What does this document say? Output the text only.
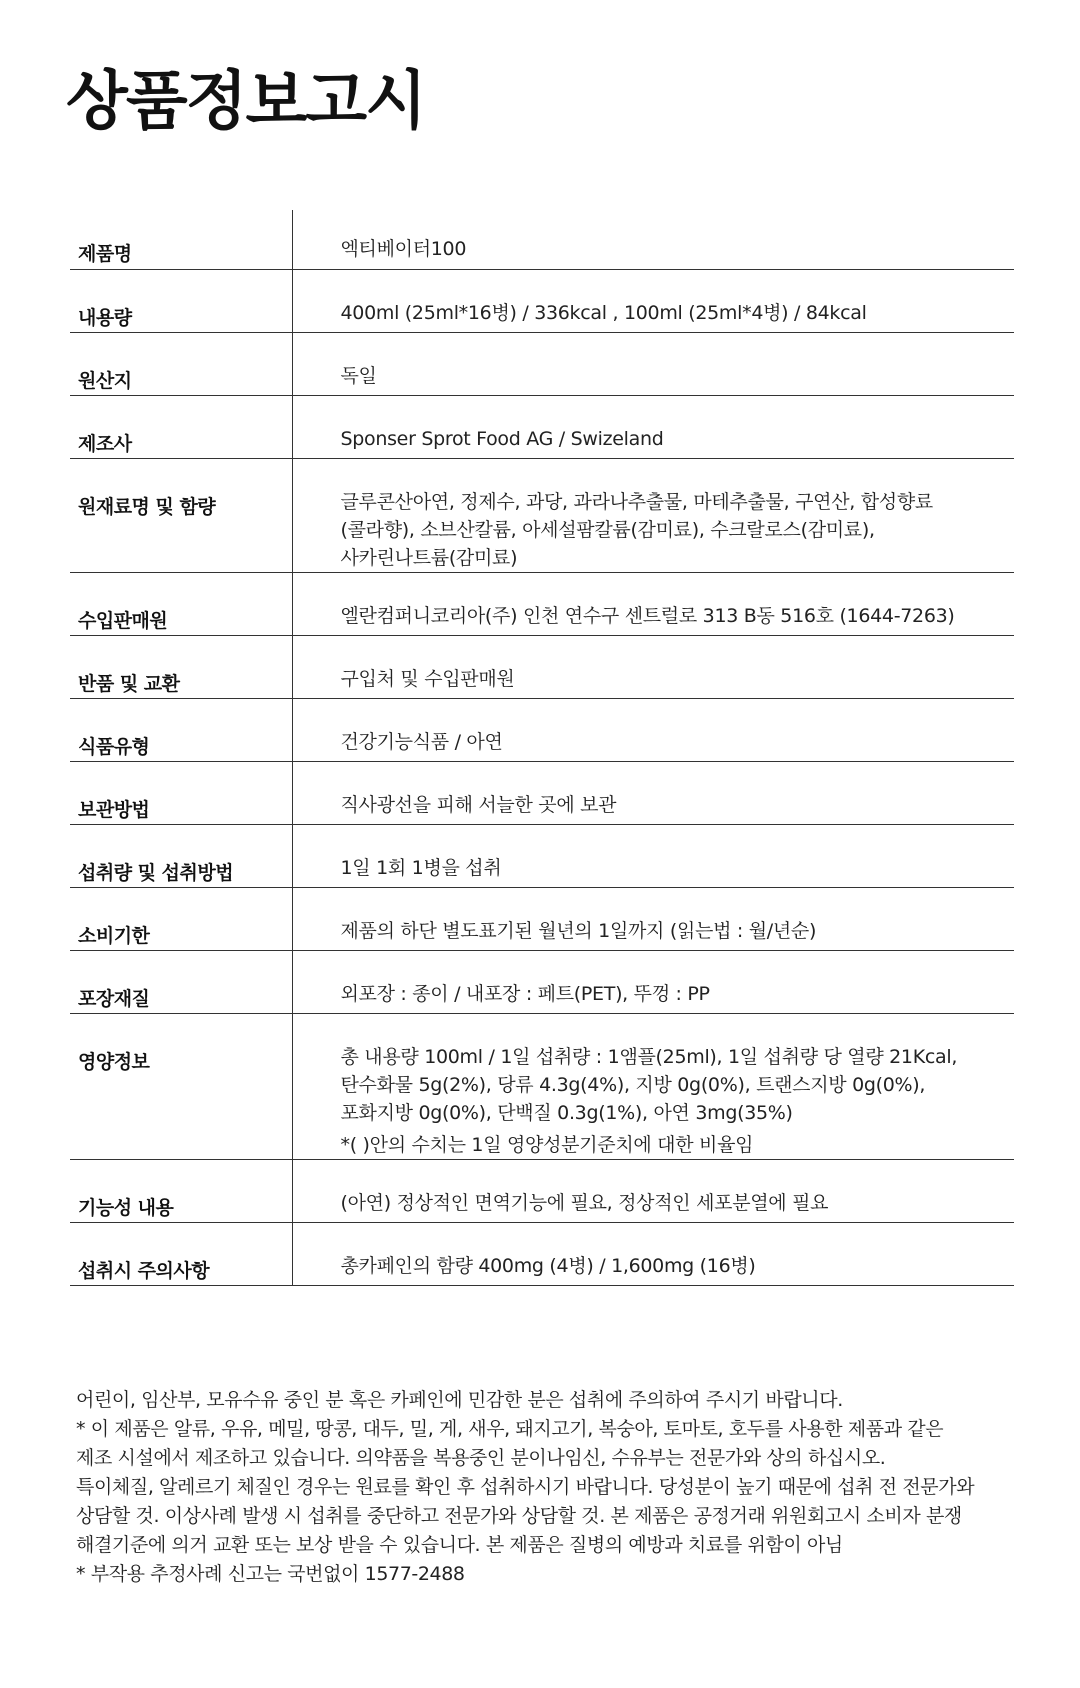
상품정보고시
제품명	엑티베이터100

내용량	400ml (25ml*16병) / 336kcal , 100ml (25ml*4병) / 84kcal

원산지	독일

제조사	Sponser Sprot Food AG / Swizeland

원재료명 및 함량	글루콘산아연, 정제수, 과당, 과라나추출물, 마테추출물, 구연산, 합성향료
(콜라향), 소브산칼륨, 아세설팜칼륨(감미료), 수크랄로스(감미료),
사카린나트륨(감미료)

수입판매원	엘란컴퍼니코리아(주) 인천 연수구 센트럴로 313 B동 516호 (1644-7263)

반품 및 교환	구입처 및 수입판매원

식품유형	건강기능식품 / 아연

보관방법	직사광선을 피해 서늘한 곳에 보관

섭취량 및 섭취방법	1일 1회 1병을 섭취

소비기한	제품의 하단 별도표기된 월년의 1일까지 (읽는법 : 월/년순)

포장재질	외포장 : 종이 / 내포장 : 페트(PET), 뚜껑 : PP

영양정보	총 내용량 100ml / 1일 섭취량 : 1앰플(25ml), 1일 섭취량 당 열량 21Kcal,
탄수화물 5g(2%), 당류 4.3g(4%), 지방 0g(0%), 트랜스지방 0g(0%),
포화지방 0g(0%), 단백질 0.3g(1%), 아연 3mg(35%)
*( )안의 수치는 1일 영양성분기준치에 대한 비율임

기능성 내용	(아연) 정상적인 면역기능에 필요, 정상적인 세포분열에 필요

섭취시 주의사항	총카페인의 함량 400mg (4병) / 1,600mg (16병)
어린이, 임산부, 모유수유 중인 분 혹은 카페인에 민감한 분은 섭취에 주의하여 주시기 바랍니다.
* 이 제품은 알류, 우유, 메밀, 땅콩, 대두, 밀, 게, 새우, 돼지고기, 복숭아, 토마토, 호두를 사용한 제품과 같은
제조 시설에서 제조하고 있습니다. 의약품을 복용중인 분이나임신, 수유부는 전문가와 상의 하십시오.
특이체질, 알레르기 체질인 경우는 원료를 확인 후 섭취하시기 바랍니다. 당성분이 높기 때문에 섭취 전 전문가와
상담할 것. 이상사례 발생 시 섭취를 중단하고 전문가와 상담할 것. 본 제품은 공정거래 위원회고시 소비자 분쟁
해결기준에 의거 교환 또는 보상 받을 수 있습니다. 본 제품은 질병의 예방과 치료를 위함이 아님
* 부작용 추정사례 신고는 국번없이 1577-2488
